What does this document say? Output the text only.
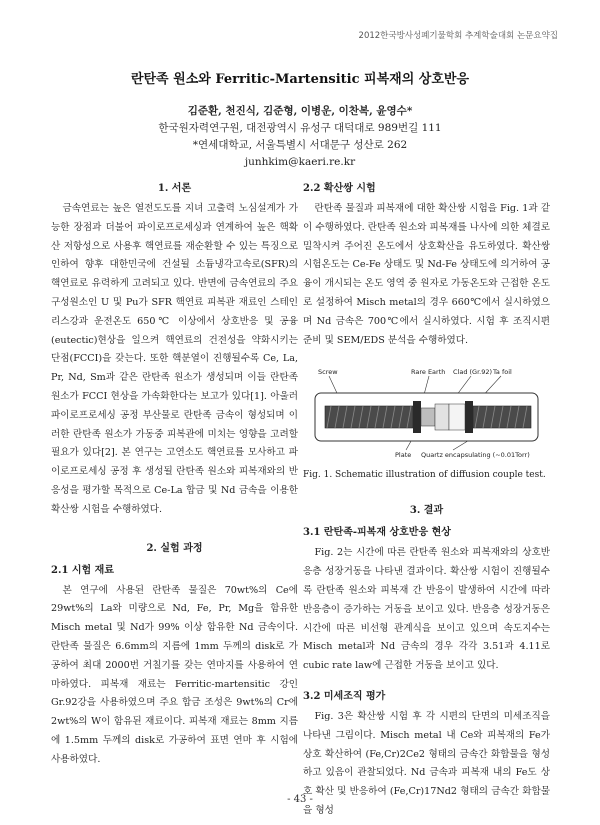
2012한국방사성폐기물학회 추계학술대회 논문요약집
란탄족 원소와 Ferritic-Martensitic 피복재의 상호반응
김준환, 천진식, 김준형, 이병운, 이찬복, 윤영수*
한국원자력연구원, 대전광역시 유성구 대덕대로 989번길 111
*연세대학교, 서울특별시 서대문구 성산로 262
junhkim@kaeri.re.kr
1. 서론

금속연료는 높은 열전도도를 지녀 고출력 노심설계가 가능한 장점과 더불어 파이로프로세싱과 연계하여 높은 핵확산 저항성으로 사용후 핵연료를 재순환할 수 있는 특징으로 인하여 향후 대한민국에 건설될 소듐냉각고속로(SFR)의 핵연료로 유력하게 고려되고 있다. 반면에 금속연료의 주요 구성원소인 U 및 Pu가 SFR 핵연료 피복관 재료인 스테인리스강과 운전온도 650℃ 이상에서 상호반응 및 공융(eutectic)현상을 일으켜 핵연료의 건전성을 약화시키는 단점(FCCI)을 갖는다. 또한 핵분열이 진행될수록 Ce, La, Pr, Nd, Sm과 같은 란탄족 원소가 생성되며 이들 란탄족 원소가 FCCI 현상을 가속화한다는 보고가 있다[1]. 아울러 파이로프로세싱 공정 부산물로 란탄족 금속이 형성되며 이러한 란탄족 원소가 가동중 피복관에 미치는 영향을 고려할 필요가 있다[2]. 본 연구는 고연소도 핵연료를 모사하고 파이로프로세싱 공정 후 생성될 란탄족 원소와 피복재와의 반응성을 평가할 목적으로 Ce-La 합금 및 Nd 금속을 이용한 확산쌍 시험을 수행하였다.

2. 실험 과정
2.1 시험 재료

본 연구에 사용된 란탄족 물질은 70wt%의 Ce에 29wt%의 La와 미량으로 Nd, Fe, Pr, Mg을 함유한 Misch metal 및 Nd가 99% 이상 함유한 Nd 금속이다. 란탄족 물질은 6.6mm의 지름에 1mm 두께의 disk로 가공하여 최대 2000번 거칠기를 갖는 연마지를 사용하여 연마하였다. 피복재 재료는 Ferritic-martensitic 강인 Gr.92강을 사용하였으며 주요 합금 조성은 9wt%의 Cr에 2wt%의 W이 함유된 재료이다. 피복재 재료는 8mm 지름에 1.5mm 두께의 disk로 가공하여 표면 연마 후 시험에 사용하였다.

2.2 확산쌍 시험

란탄족 물질과 피복재에 대한 확산쌍 시험을 Fig. 1과 같이 수행하였다. 란탄족 원소와 피복재를 나사에 의한 체결로 밀착시켜 주어진 온도에서 상호확산을 유도하였다. 확산쌍 시험온도는 Ce-Fe 상태도 및 Nd-Fe 상태도에 의거하여 공융이 개시되는 온도 영역 중 원자로 가동온도와 근접한 온도로 설정하여 Misch metal의 경우 660℃에서 실시하였으며 Nd 금속은 700℃에서 실시하였다. 시험 후 조직시편 준비 및 SEM/EDS 분석을 수행하였다.

Screw	Rare Earth Clad (Gr.92) Ta foil
Plate Quartz encapsulating (~0.01Torr)
Fig. 1. Schematic illustration of diffusion couple test.
3. 결과
3.1 란탄족-피복재 상호반응 현상

Fig. 2는 시간에 따른 란탄족 원소와 피복재와의 상호반응층 성장거동을 나타낸 결과이다. 확산쌍 시험이 진행될수록 란탄족 원소와 피복재 간 반응이 발생하여 시간에 따라 반응층이 증가하는 거동을 보이고 있다. 반응층 성장거동은 시간에 따른 비선형 관계식을 보이고 있으며 속도지수는 Misch metal과 Nd 금속의 경우 각각 3.51과 4.11로 cubic rate law에 근접한 거동을 보이고 있다.

3.2 미세조직 평가

Fig. 3은 확산쌍 시험 후 각 시편의 단면의 미세조직을 나타낸 그림이다. Misch metal 내 Ce와 피복재의 Fe가 상호 확산하여 (Fe,Cr)2Ce2 형태의 금속간 화합물을 형성하고 있음이 관찰되었다. Nd 금속과 피복재 내의 Fe도 상호 확산 및 반응하여 (Fe,Cr)17Nd2 형태의 금속간 화합물을 형성

- 43 -
